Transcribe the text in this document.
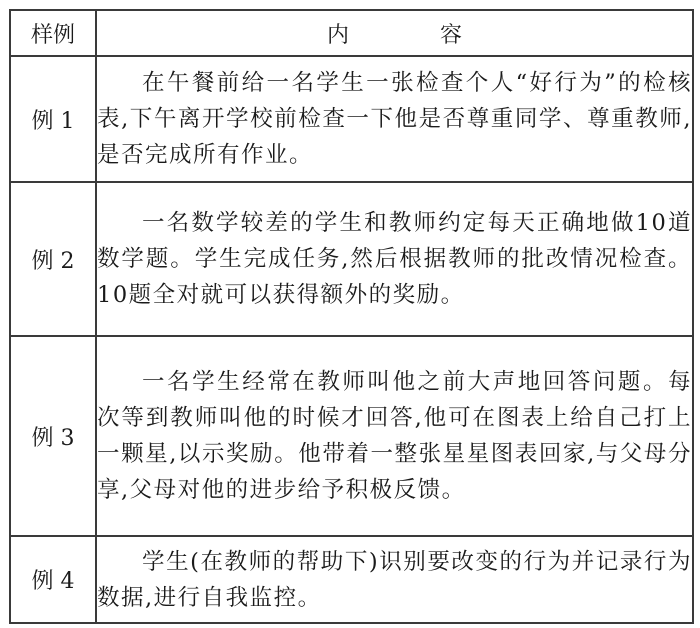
样例	内 容
例 1	在午餐前给一名学生一张检查个人“好行为”的检核表,下午离开学校前检查一下他是否尊重同学、尊重教师,是否完成所有作业。
例 2	一名数学较差的学生和教师约定每天正确地做10道数学题。学生完成任务,然后根据教师的批改情况检查。10题全对就可以获得额外的奖励。
例 3	一名学生经常在教师叫他之前大声地回答问题。每次等到教师叫他的时候才回答,他可在图表上给自己打上一颗星,以示奖励。他带着一整张星星图表回家,与父母分享,父母对他的进步给予积极反馈。
例 4	学生(在教师的帮助下)识别要改变的行为并记录行为数据,进行自我监控。
